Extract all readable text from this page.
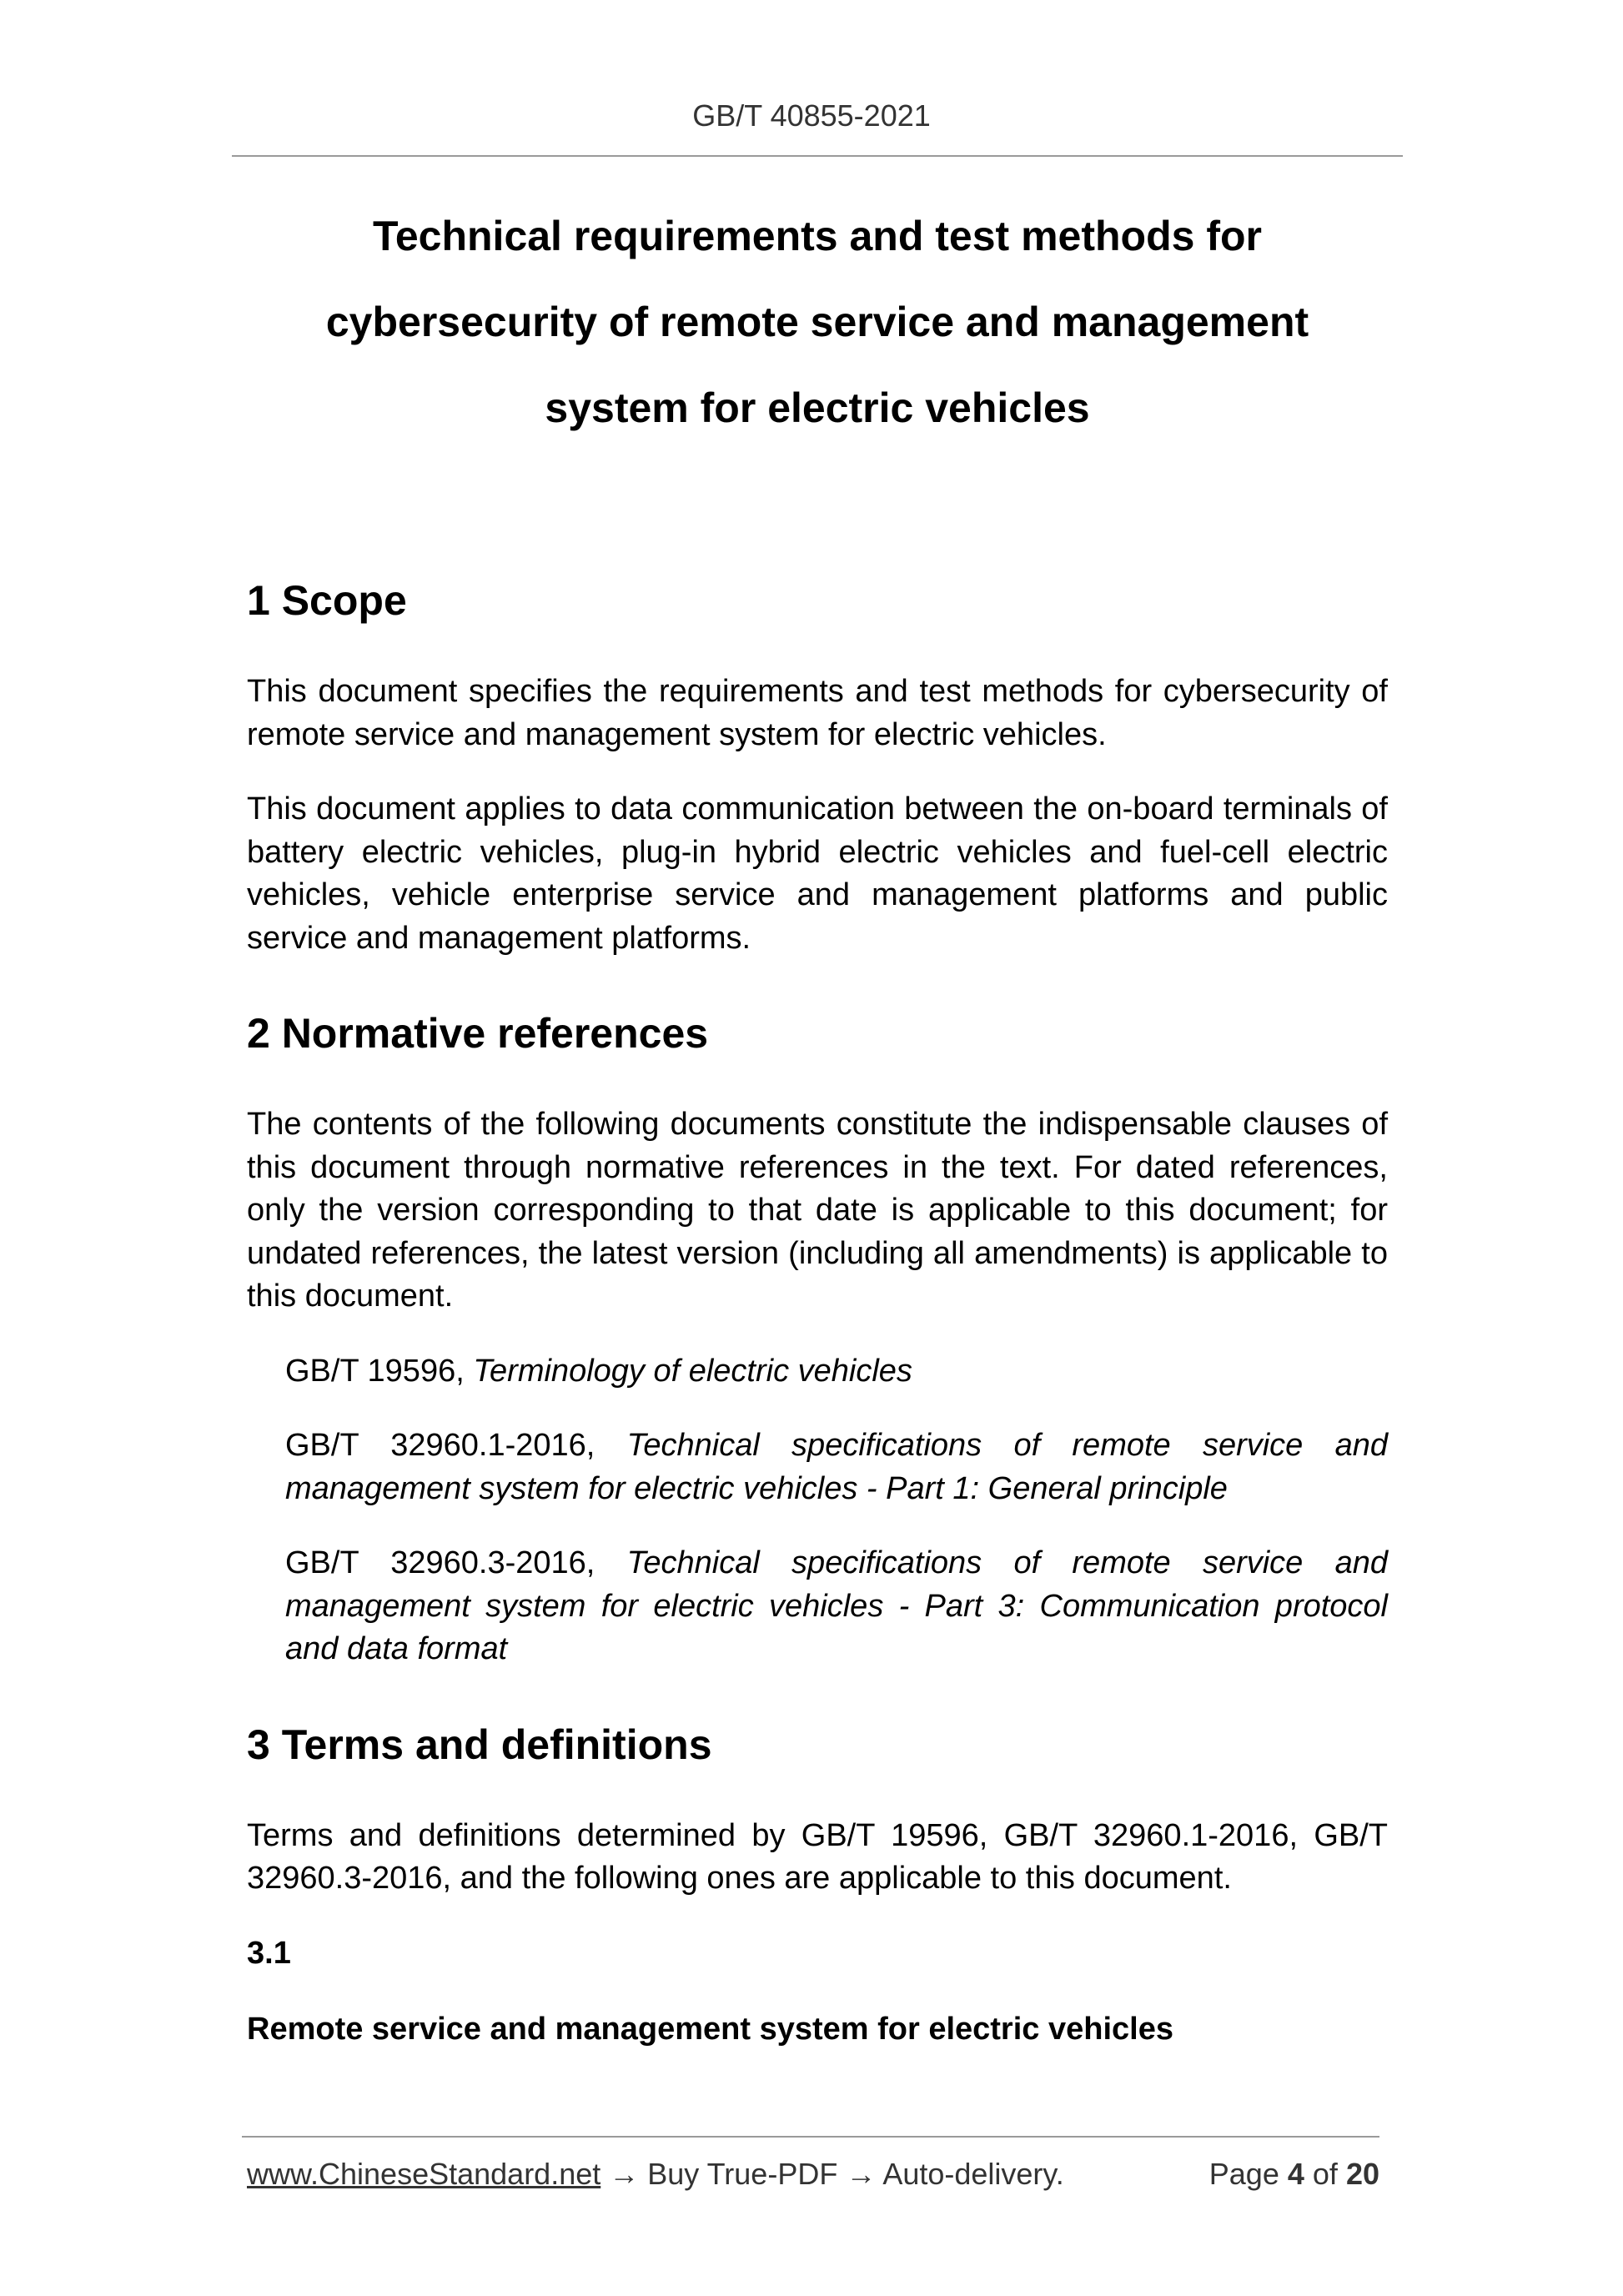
GB/T 40855-2021
Technical requirements and test methods for
cybersecurity of remote service and management
system for electric vehicles
1 Scope

This document specifies the requirements and test methods for cybersecurity of remote service and management system for electric vehicles.

This document applies to data communication between the on-board terminals of battery electric vehicles, plug-in hybrid electric vehicles and fuel-cell electric vehicles, vehicle enterprise service and management platforms and public service and management platforms.

2 Normative references

The contents of the following documents constitute the indispensable clauses of this document through normative references in the text. For dated references, only the version corresponding to that date is applicable to this document; for undated references, the latest version (including all amendments) is applicable to this document.

GB/T 19596, Terminology of electric vehicles

GB/T 32960.1-2016, Technical specifications of remote service and management system for electric vehicles - Part 1: General principle

GB/T 32960.3-2016, Technical specifications of remote service and management system for electric vehicles - Part 3: Communication protocol and data format

3 Terms and definitions

Terms and definitions determined by GB/T 19596, GB/T 32960.1-2016, GB/T 32960.3-2016, and the following ones are applicable to this document.

3.1
Remote service and management system for electric vehicles
www.ChineseStandard.net → Buy True-PDF → Auto-delivery.	Page 4 of 20
